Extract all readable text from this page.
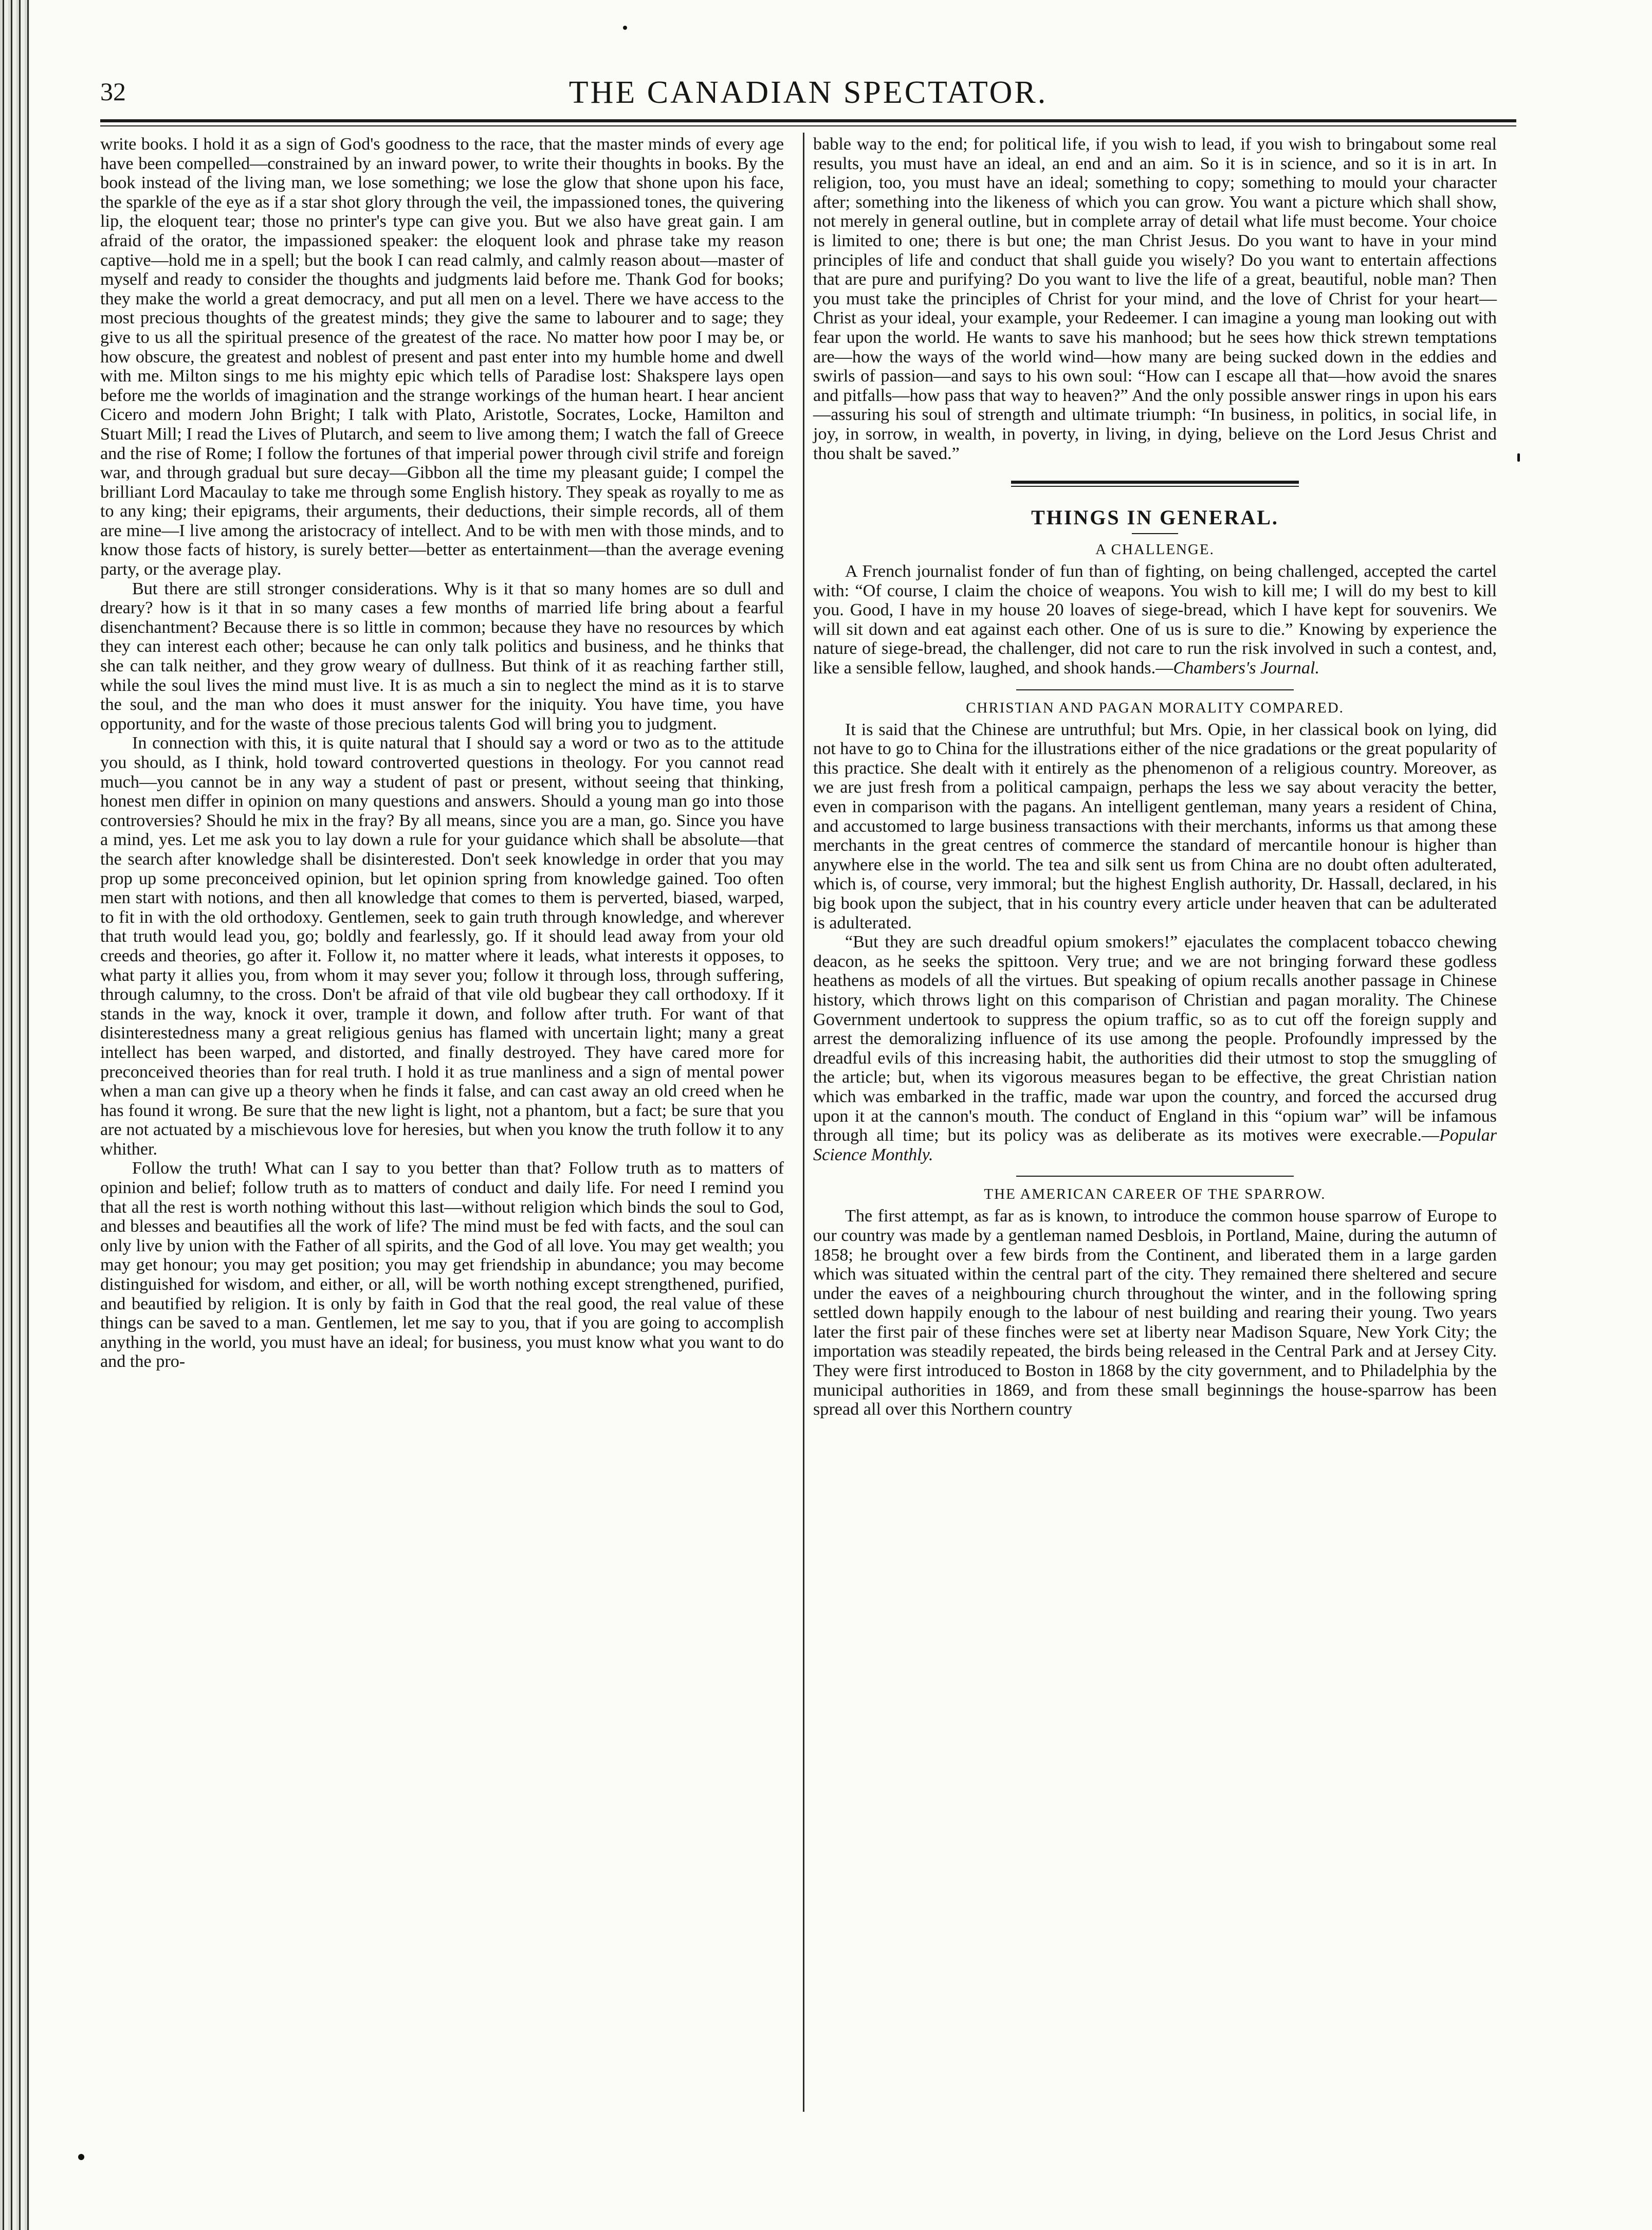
32	THE CANADIAN SPECTATOR.

write books. I hold it as a sign of God's goodness to the race, that the master minds of every age have been compelled—constrained by an inward power, to write their thoughts in books. By the book instead of the living man, we lose something; we lose the glow that shone upon his face, the sparkle of the eye as if a star shot glory through the veil, the impassioned tones, the quivering lip, the eloquent tear; those no printer's type can give you. But we also have great gain. I am afraid of the orator, the impassioned speaker: the eloquent look and phrase take my reason captive—hold me in a spell; but the book I can read calmly, and calmly reason about—master of myself and ready to consider the thoughts and judgments laid before me. Thank God for books; they make the world a great democracy, and put all men on a level. There we have access to the most precious thoughts of the greatest minds; they give the same to labourer and to sage; they give to us all the spiritual presence of the greatest of the race. No matter how poor I may be, or how obscure, the greatest and noblest of present and past enter into my humble home and dwell with me. Milton sings to me his mighty epic which tells of Paradise lost: Shakspere lays open before me the worlds of imagination and the strange workings of the human heart. I hear ancient Cicero and modern John Bright; I talk with Plato, Aristotle, Socrates, Locke, Hamilton and Stuart Mill; I read the Lives of Plutarch, and seem to live among them; I watch the fall of Greece and the rise of Rome; I follow the fortunes of that imperial power through civil strife and foreign war, and through gradual but sure decay—Gibbon all the time my pleasant guide; I compel the brilliant Lord Macaulay to take me through some English history. They speak as royally to me as to any king; their epigrams, their arguments, their deductions, their simple records, all of them are mine—I live among the aristocracy of intellect. And to be with men with those minds, and to know those facts of history, is surely better—better as entertainment—than the average evening party, or the average play.

But there are still stronger considerations. Why is it that so many homes are so dull and dreary? how is it that in so many cases a few months of married life bring about a fearful disenchantment? Because there is so little in common; because they have no resources by which they can interest each other; because he can only talk politics and business, and he thinks that she can talk neither, and they grow weary of dullness. But think of it as reaching farther still, while the soul lives the mind must live. It is as much a sin to neglect the mind as it is to starve the soul, and the man who does it must answer for the iniquity. You have time, you have opportunity, and for the waste of those precious talents God will bring you to judgment.

In connection with this, it is quite natural that I should say a word or two as to the attitude you should, as I think, hold toward controverted questions in theology. For you cannot read much—you cannot be in any way a student of past or present, without seeing that thinking, honest men differ in opinion on many questions and answers. Should a young man go into those controversies? Should he mix in the fray? By all means, since you are a man, go. Since you have a mind, yes. Let me ask you to lay down a rule for your guidance which shall be absolute—that the search after knowledge shall be disinterested. Don't seek knowledge in order that you may prop up some preconceived opinion, but let opinion spring from knowledge gained. Too often men start with notions, and then all knowledge that comes to them is perverted, biased, warped, to fit in with the old orthodoxy. Gentlemen, seek to gain truth through knowledge, and wherever that truth would lead you, go; boldly and fearlessly, go. If it should lead away from your old creeds and theories, go after it. Follow it, no matter where it leads, what interests it opposes, to what party it allies you, from whom it may sever you; follow it through loss, through suffering, through calumny, to the cross. Don't be afraid of that vile old bugbear they call orthodoxy. If it stands in the way, knock it over, trample it down, and follow after truth. For want of that disinterestedness many a great religious genius has flamed with uncertain light; many a great intellect has been warped, and distorted, and finally destroyed. They have cared more for preconceived theories than for real truth. I hold it as true manliness and a sign of mental power when a man can give up a theory when he finds it false, and can cast away an old creed when he has found it wrong. Be sure that the new light is light, not a phantom, but a fact; be sure that you are not actuated by a mischievous love for heresies, but when you know the truth follow it to any whither.

Follow the truth! What can I say to you better than that? Follow truth as to matters of opinion and belief; follow truth as to matters of conduct and daily life. For need I remind you that all the rest is worth nothing without this last—without religion which binds the soul to God, and blesses and beautifies all the work of life? The mind must be fed with facts, and the soul can only live by union with the Father of all spirits, and the God of all love. You may get wealth; you may get honour; you may get position; you may get friendship in abundance; you may become distinguished for wisdom, and either, or all, will be worth nothing except strengthened, purified, and beautified by religion. It is only by faith in God that the real good, the real value of these things can be saved to a man. Gentlemen, let me say to you, that if you are going to accomplish anything in the world, you must have an ideal; for business, you must know what you want to do and the pro-

bable way to the end; for political life, if you wish to lead, if you wish to bringabout some real results, you must have an ideal, an end and an aim. So it is in science, and so it is in art. In religion, too, you must have an ideal; something to copy; something to mould your character after; something into the likeness of which you can grow. You want a picture which shall show, not merely in general outline, but in complete array of detail what life must become. Your choice is limited to one; there is but one; the man Christ Jesus. Do you want to have in your mind principles of life and conduct that shall guide you wisely? Do you want to entertain affections that are pure and purifying? Do you want to live the life of a great, beautiful, noble man? Then you must take the principles of Christ for your mind, and the love of Christ for your heart—Christ as your ideal, your example, your Redeemer. I can imagine a young man looking out with fear upon the world. He wants to save his manhood; but he sees how thick strewn temptations are—how the ways of the world wind—how many are being sucked down in the eddies and swirls of passion—and says to his own soul: “How can I escape all that—how avoid the snares and pitfalls—how pass that way to heaven?” And the only possible answer rings in upon his ears—assuring his soul of strength and ultimate triumph: “In business, in politics, in social life, in joy, in sorrow, in wealth, in poverty, in living, in dying, believe on the Lord Jesus Christ and thou shalt be saved.”

THINGS IN GENERAL.
A CHALLENGE.

A French journalist fonder of fun than of fighting, on being challenged, accepted the cartel with: “Of course, I claim the choice of weapons. You wish to kill me; I will do my best to kill you. Good, I have in my house 20 loaves of siege-bread, which I have kept for souvenirs. We will sit down and eat against each other. One of us is sure to die.” Knowing by experience the nature of siege-bread, the challenger, did not care to run the risk involved in such a contest, and, like a sensible fellow, laughed, and shook hands.—Chambers's Journal.

CHRISTIAN AND PAGAN MORALITY COMPARED.

It is said that the Chinese are untruthful; but Mrs. Opie, in her classical book on lying, did not have to go to China for the illustrations either of the nice gradations or the great popularity of this practice. She dealt with it entirely as the phenomenon of a religious country. Moreover, as we are just fresh from a political campaign, perhaps the less we say about veracity the better, even in comparison with the pagans. An intelligent gentleman, many years a resident of China, and accustomed to large business transactions with their merchants, informs us that among these merchants in the great centres of commerce the standard of mercantile honour is higher than anywhere else in the world. The tea and silk sent us from China are no doubt often adulterated, which is, of course, very immoral; but the highest English authority, Dr. Hassall, declared, in his big book upon the subject, that in his country every article under heaven that can be adulterated is adulterated.

“But they are such dreadful opium smokers!” ejaculates the complacent tobacco chewing deacon, as he seeks the spittoon. Very true; and we are not bringing forward these godless heathens as models of all the virtues. But speaking of opium recalls another passage in Chinese history, which throws light on this comparison of Christian and pagan morality. The Chinese Government undertook to suppress the opium traffic, so as to cut off the foreign supply and arrest the demoralizing influence of its use among the people. Profoundly impressed by the dreadful evils of this increasing habit, the authorities did their utmost to stop the smuggling of the article; but, when its vigorous measures began to be effective, the great Christian nation which was embarked in the traffic, made war upon the country, and forced the accursed drug upon it at the cannon's mouth. The conduct of England in this “opium war” will be infamous through all time; but its policy was as deliberate as its motives were execrable.—Popular Science Monthly.

THE AMERICAN CAREER OF THE SPARROW.

The first attempt, as far as is known, to introduce the common house sparrow of Europe to our country was made by a gentleman named Desblois, in Portland, Maine, during the autumn of 1858; he brought over a few birds from the Continent, and liberated them in a large garden which was situated within the central part of the city. They remained there sheltered and secure under the eaves of a neighbouring church throughout the winter, and in the following spring settled down happily enough to the labour of nest building and rearing their young. Two years later the first pair of these finches were set at liberty near Madison Square, New York City; the importation was steadily repeated, the birds being released in the Central Park and at Jersey City. They were first introduced to Boston in 1868 by the city government, and to Philadelphia by the municipal authorities in 1869, and from these small beginnings the house-sparrow has been spread all over this Northern country
